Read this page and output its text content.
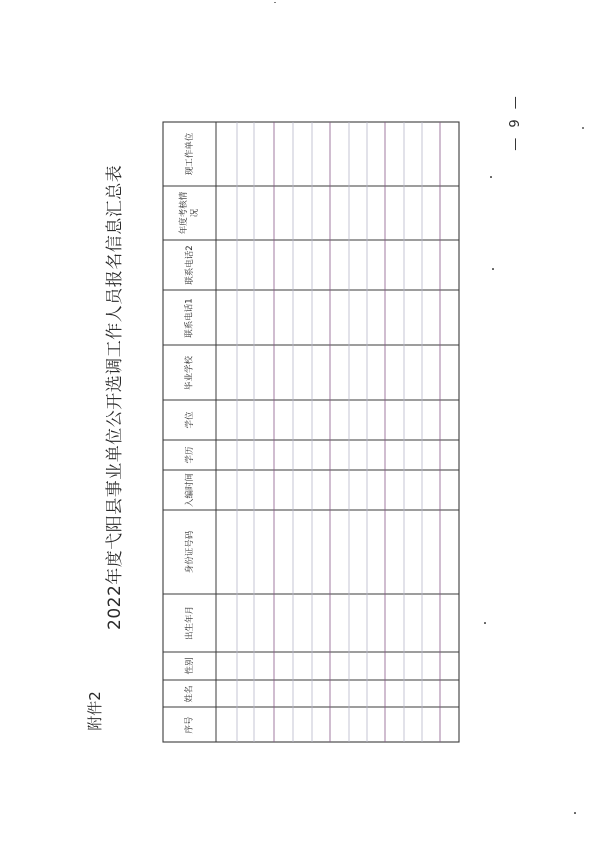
附件2
2022年度弋阳县事业单位公开选调工作人员报名信息汇总表
— 9 —
序号
姓名
性别
出生年月
身份证号码
入编时间
学历
学位
毕业学校
联系电话1
联系电话2
年度考核情况
现工作单位
